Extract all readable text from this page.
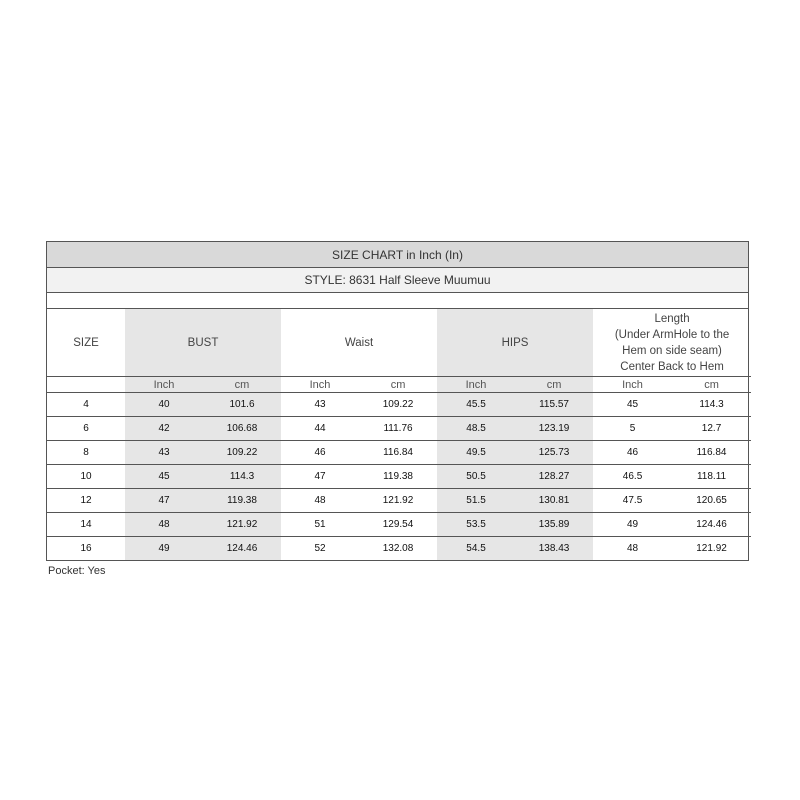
SIZE CHART in Inch (In)
STYLE: 8631 Half Sleeve Muumuu
SIZE	BUST		Waist		HIPS		Length
(Under ArmHole to the
Hem on side seam)
Center Back to Hem	

	Inch	cm	Inch	cm	Inch	cm	Inch	cm
4	40	101.6	43	109.22	45.5	115.57	45	114.3
6	42	106.68	44	111.76	48.5	123.19	5	12.7
8	43	109.22	46	116.84	49.5	125.73	46	116.84
10	45	114.3	47	119.38	50.5	128.27	46.5	118.11
12	47	119.38	48	121.92	51.5	130.81	47.5	120.65
14	48	121.92	51	129.54	53.5	135.89	49	124.46
16	49	124.46	52	132.08	54.5	138.43	48	121.92
Pocket: Yes
